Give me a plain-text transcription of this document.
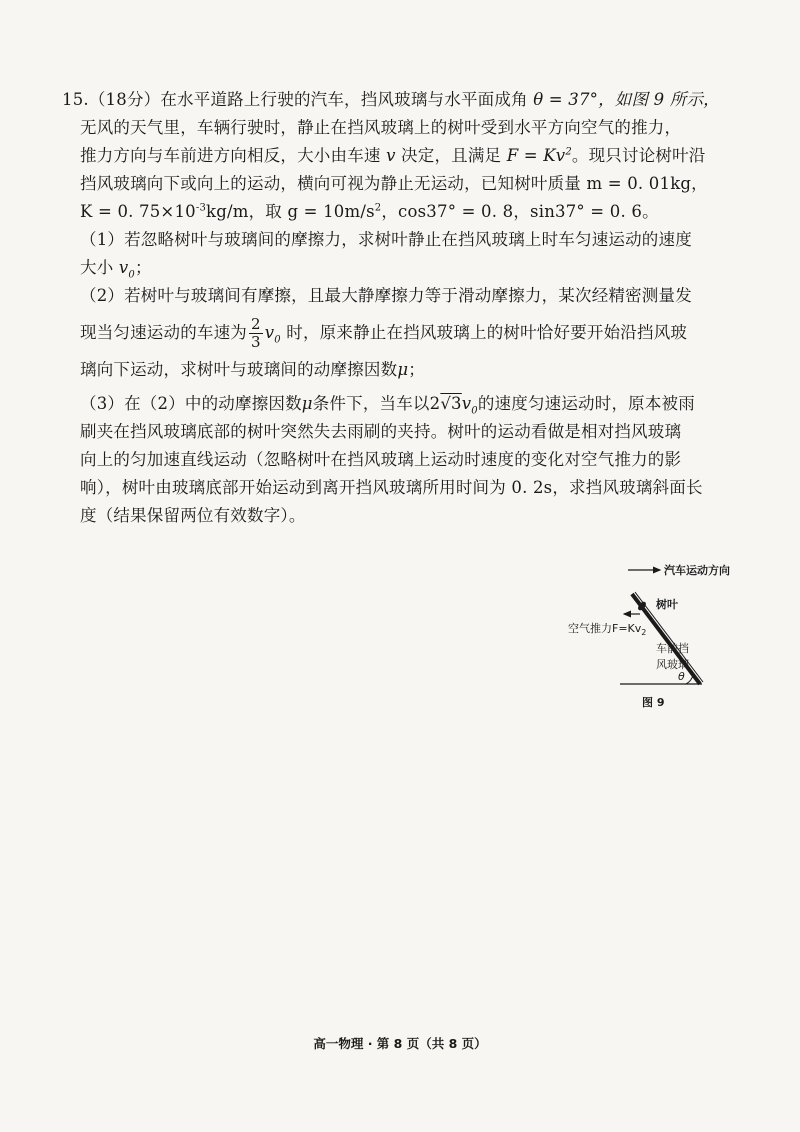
15.（18分）在水平道路上行驶的汽车，挡风玻璃与水平面成角 θ = 37°，如图 9 所示，

无风的天气里，车辆行驶时，静止在挡风玻璃上的树叶受到水平方向空气的推力，

推力方向与车前进方向相反，大小由车速 v 决定，且满足 $F = Kv^2$。现只讨论树叶沿

挡风玻璃向下或向上的运动，横向可视为静止无运动，已知树叶质量 m = 0. 01kg，

K = 0. $75\times 10^{-3}kg/m$，取 $g = 10m/s^2$，cos37° = 0. 8，sin37° = 0. 6。

（1）若忽略树叶与玻璃间的摩擦力，求树叶静止在挡风玻璃上时车匀速运动的速度

大小 $v_0$；

（2）若树叶与玻璃间有摩擦，且最大静摩擦力等于滑动摩擦力，某次经精密测量发

现当匀速运动的车速为 $\frac{2}{3} v_0$ 时，原来静止在挡风玻璃上的树叶恰好要开始沿挡风玻

璃向下运动，求树叶与玻璃间的动摩擦因数μ；

（3）在（2）中的动摩擦因数μ条件下，当车以$2√3v_0$的速度匀速运动时，原本被雨

刷夹在挡风玻璃底部的树叶突然失去雨刷的夹持。树叶的运动看做是相对挡风玻璃

向上的匀加速直线运动（忽略树叶在挡风玻璃上运动时速度的变化对空气推力的影

响），树叶由玻璃底部开始运动到离开挡风玻璃所用时间为 0. 2s，求挡风玻璃斜面长

度（结果保留两位有效数字）。

汽车运动方向
θ
树叶
空气推力$F=Kv_2$
车前挡
风玻璃
图 9
高一物理 · 第 8 页（共 8 页）
